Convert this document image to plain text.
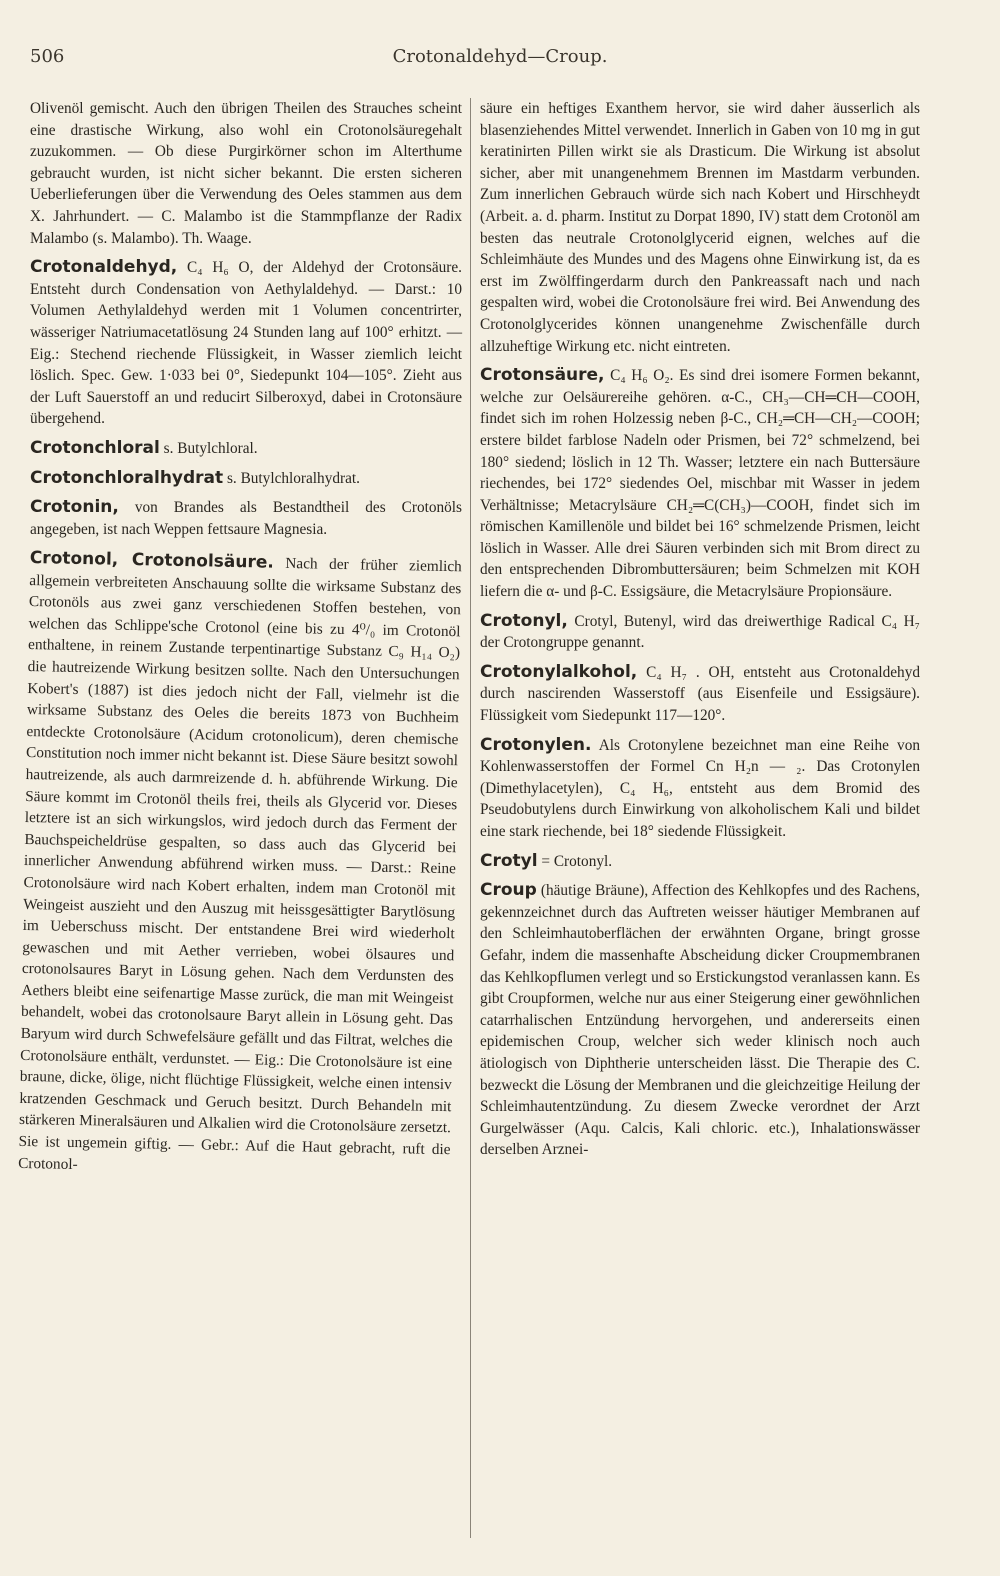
506	Crotonaldehyd—Croup.

Olivenöl gemischt. Auch den übrigen Theilen des Strauches scheint eine drastische Wirkung, also wohl ein Crotonolsäuregehalt zuzukommen. — Ob diese Purgirkörner schon im Alterthume gebraucht wurden, ist nicht sicher bekannt. Die ersten sicheren Ueberlieferungen über die Verwendung des Oeles stammen aus dem X. Jahrhundert. — C. Malambo ist die Stammpflanze der Radix Malambo (s. Malambo). Th. Waage.

Crotonaldehyd, C₄ H₆ O, der Aldehyd der Crotonsäure. Entsteht durch Condensation von Aethylaldehyd. — Darst.: 10 Volumen Aethylaldehyd werden mit 1 Volumen concentrirter, wässeriger Natriumacetatlösung 24 Stunden lang auf 100° erhitzt. — Eig.: Stechend riechende Flüssigkeit, in Wasser ziemlich leicht löslich. Spec. Gew. 1·033 bei 0°, Siedepunkt 104—105°. Zieht aus der Luft Sauerstoff an und reducirt Silberoxyd, dabei in Crotonsäure übergehend.

Crotonchloral s. Butylchloral.

Crotonchloralhydrat s. Butylchloralhydrat.

Crotonin, von Brandes als Bestandtheil des Crotonöls angegeben, ist nach Weppen fettsaure Magnesia.

Crotonol, Crotonolsäure. Nach der früher ziemlich allgemein verbreiteten Anschauung sollte die wirksame Substanz des Crotonöls aus zwei ganz verschiedenen Stoffen bestehen, von welchen das Schlippe'sche Crotonol (eine bis zu 4⁰/₀ im Crotonöl enthaltene, in reinem Zustande terpentinartige Substanz C₉ H₁₄ O₂) die hautreizende Wirkung besitzen sollte. Nach den Untersuchungen Kobert's (1887) ist dies jedoch nicht der Fall, vielmehr ist die wirksame Substanz des Oeles die bereits 1873 von Buchheim entdeckte Crotonolsäure (Acidum crotonolicum), deren chemische Constitution noch immer nicht bekannt ist. Diese Säure besitzt sowohl hautreizende, als auch darmreizende d. h. abführende Wirkung. Die Säure kommt im Crotonöl theils frei, theils als Glycerid vor. Dieses letztere ist an sich wirkungslos, wird jedoch durch das Ferment der Bauchspeicheldrüse gespalten, so dass auch das Glycerid bei innerlicher Anwendung abführend wirken muss. — Darst.: Reine Crotonolsäure wird nach Kobert erhalten, indem man Crotonöl mit Weingeist auszieht und den Auszug mit heissgesättigter Barytlösung im Ueberschuss mischt. Der entstandene Brei wird wiederholt gewaschen und mit Aether verrieben, wobei ölsaures und crotonolsaures Baryt in Lösung gehen. Nach dem Verdunsten des Aethers bleibt eine seifenartige Masse zurück, die man mit Weingeist behandelt, wobei das crotonolsaure Baryt allein in Lösung geht. Das Baryum wird durch Schwefelsäure gefällt und das Filtrat, welches die Crotonolsäure enthält, verdunstet. — Eig.: Die Crotonolsäure ist eine braune, dicke, ölige, nicht flüchtige Flüssigkeit, welche einen intensiv kratzenden Geschmack und Geruch besitzt. Durch Behandeln mit stärkeren Mineralsäuren und Alkalien wird die Crotonolsäure zersetzt. Sie ist ungemein giftig. — Gebr.: Auf die Haut gebracht, ruft die Crotonol-

säure ein heftiges Exanthem hervor, sie wird daher äusserlich als blasenziehendes Mittel verwendet. Innerlich in Gaben von 10 mg in gut keratinirten Pillen wirkt sie als Drasticum. Die Wirkung ist absolut sicher, aber mit unangenehmem Brennen im Mastdarm verbunden. Zum innerlichen Gebrauch würde sich nach Kobert und Hirschheydt (Arbeit. a. d. pharm. Institut zu Dorpat 1890, IV) statt dem Crotonöl am besten das neutrale Crotonolglycerid eignen, welches auf die Schleimhäute des Mundes und des Magens ohne Einwirkung ist, da es erst im Zwölffingerdarm durch den Pankreassaft nach und nach gespalten wird, wobei die Crotonolsäure frei wird. Bei Anwendung des Crotonolglycerides können unangenehme Zwischenfälle durch allzuheftige Wirkung etc. nicht eintreten.

Crotonsäure, C₄ H₆ O₂. Es sind drei isomere Formen bekannt, welche zur Oelsäurereihe gehören. α-C., CH₃—CH═CH—COOH, findet sich im rohen Holzessig neben β-C., CH₂═CH—CH₂—COOH; erstere bildet farblose Nadeln oder Prismen, bei 72° schmelzend, bei 180° siedend; löslich in 12 Th. Wasser; letztere ein nach Buttersäure riechendes, bei 172° siedendes Oel, mischbar mit Wasser in jedem Verhältnisse; Metacrylsäure CH₂═C(CH₃)—COOH, findet sich im römischen Kamillenöle und bildet bei 16° schmelzende Prismen, leicht löslich in Wasser. Alle drei Säuren verbinden sich mit Brom direct zu den entsprechenden Dibrombuttersäuren; beim Schmelzen mit KOH liefern die α- und β-C. Essigsäure, die Metacrylsäure Propionsäure.

Crotonyl, Crotyl, Butenyl, wird das dreiwerthige Radical C₄ H₇ der Crotongruppe genannt.

Crotonylalkohol, C₄ H₇ . OH, entsteht aus Crotonaldehyd durch nascirenden Wasserstoff (aus Eisenfeile und Essigsäure). Flüssigkeit vom Siedepunkt 117—120°.

Crotonylen. Als Crotonylene bezeichnet man eine Reihe von Kohlenwasserstoffen der Formel Cn H₂n — ₂. Das Crotonylen (Dimethylacetylen), C₄ H₆, entsteht aus dem Bromid des Pseudobutylens durch Einwirkung von alkoholischem Kali und bildet eine stark riechende, bei 18° siedende Flüssigkeit.

Crotyl = Crotonyl.

Croup (häutige Bräune), Affection des Kehlkopfes und des Rachens, gekennzeichnet durch das Auftreten weisser häutiger Membranen auf den Schleimhautoberflächen der erwähnten Organe, bringt grosse Gefahr, indem die massenhafte Abscheidung dicker Croupmembranen das Kehlkopflumen verlegt und so Erstickungstod veranlassen kann. Es gibt Croupformen, welche nur aus einer Steigerung einer gewöhnlichen catarrhalischen Entzündung hervorgehen, und andererseits einen epidemischen Croup, welcher sich weder klinisch noch auch ätiologisch von Diphtherie unterscheiden lässt. Die Therapie des C. bezweckt die Lösung der Membranen und die gleichzeitige Heilung der Schleimhautentzündung. Zu diesem Zwecke verordnet der Arzt Gurgelwässer (Aqu. Calcis, Kali chloric. etc.), Inhalationswässer derselben Arznei-
